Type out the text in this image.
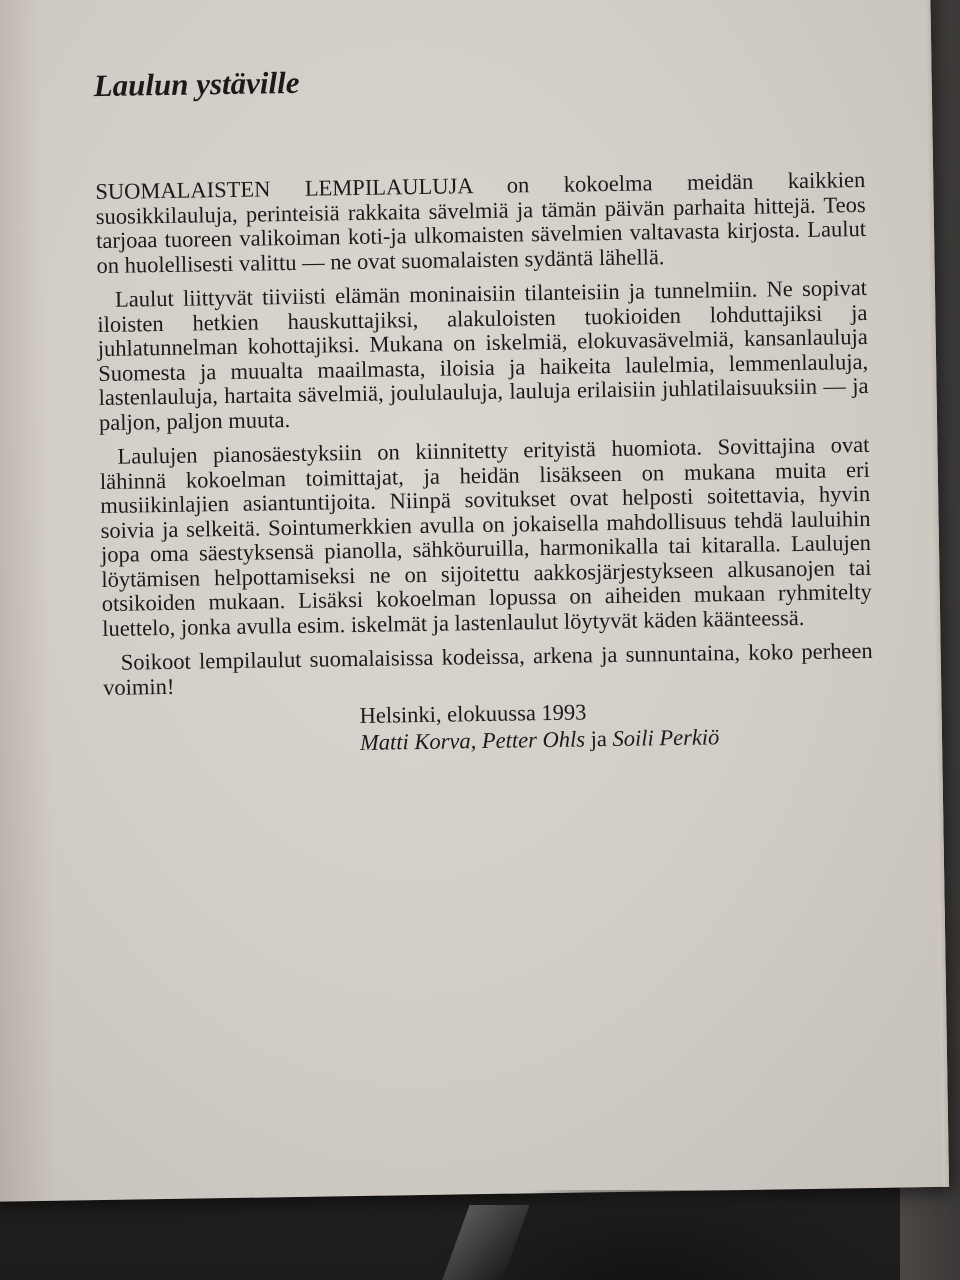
Laulun ystäville

SUOMALAISTEN LEMPILAULUJA on kokoelma meidän kaikkien suosikkilauluja, perinteisiä rakkaita sävelmiä ja tämän päivän parhaita hittejä. Teos tarjoaa tuoreen valikoiman koti-ja ulkomaisten sävelmien valtavasta kirjosta. Laulut on huolellisesti valittu — ne ovat suomalaisten sydäntä lähellä.

Laulut liittyvät tiiviisti elämän moninaisiin tilanteisiin ja tunnelmiin. Ne sopivat iloisten hetkien hauskuttajiksi, alakuloisten tuokioiden lohduttajiksi ja juhlatunnelman kohottajiksi. Mukana on iskelmiä, elokuvasävelmiä, kansanlauluja Suomesta ja muualta maailmasta, iloisia ja haikeita laulelmia, lemmenlauluja, lastenlauluja, hartaita sävelmiä, joululauluja, lauluja erilaisiin juhlatilaisuuksiin — ja paljon, paljon muuta.

Laulujen pianosäestyksiin on kiinnitetty erityistä huomiota. Sovittajina ovat lähinnä kokoelman toimittajat, ja heidän lisäkseen on mukana muita eri musiikinlajien asiantuntijoita. Niinpä sovitukset ovat helposti soitettavia, hyvin soivia ja selkeitä. Sointumerkkien avulla on jokaisella mahdollisuus tehdä lauluihin jopa oma säestyksensä pianolla, sähköuruilla, harmonikalla tai kitaralla. Laulujen löytämisen helpottamiseksi ne on sijoitettu aakkosjärjestykseen alkusanojen tai otsikoiden mukaan. Lisäksi kokoelman lopussa on aiheiden mukaan ryhmitelty luettelo, jonka avulla esim. iskelmät ja lastenlaulut löytyvät käden käänteessä.

Soikoot lempilaulut suomalaisissa kodeissa, arkena ja sunnuntaina, koko perheen voimin!

Helsinki, elokuussa 1993
Matti Korva, Petter Ohls ja Soili Perkiö
